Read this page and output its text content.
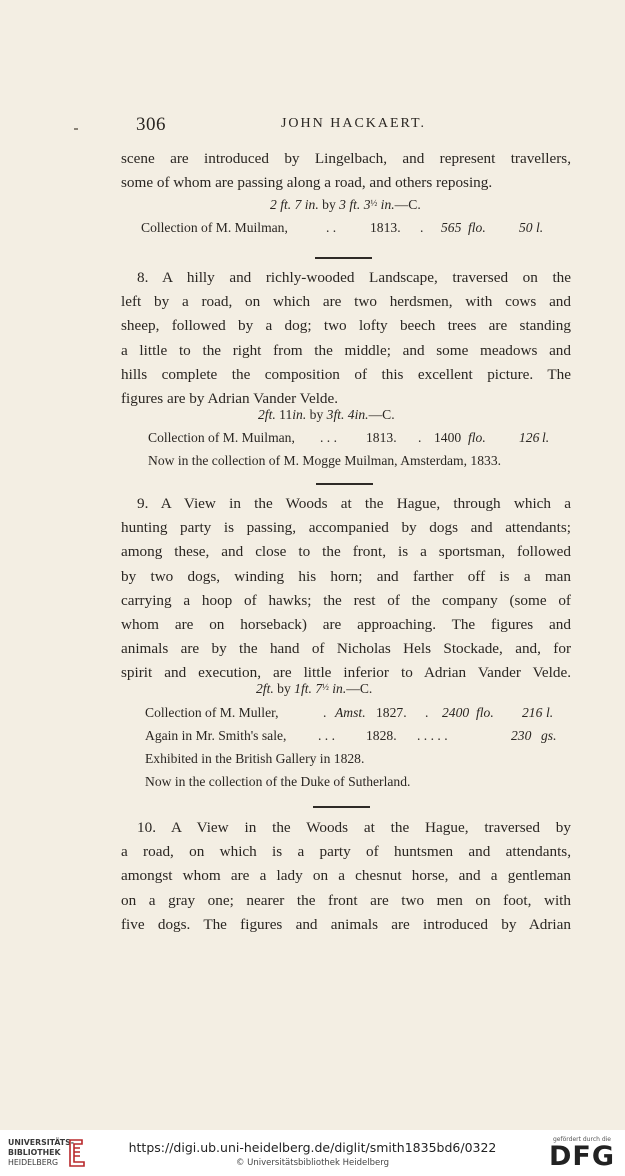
306	JOHN HACKAERT.
scene are introduced by Lingelbach, and represent travellers,
some of whom are passing along a road, and others reposing.
2 ft. 7 in. by 3 ft. $3^{\frac{1}{2}}$ in.—C.
Collection of M. Muilman,	. . 1813. . 565 flo. 50 l.
8. A hilly and richly-wooded Landscape, traversed on the
left by a road, on which are two herdsmen, with cows and
sheep, followed by a dog; two lofty beech trees are standing
a little to the right from the middle; and some meadows and
hills complete the composition of this excellent picture. The
figures are by Adrian Vander Velde.
2ft. 11in. by 3ft. 4in.—C.
Collection of M. Muilman, . . . 1813. . 1400 flo. 126 l.
Now in the collection of M. Mogge Muilman, Amsterdam, 1833.
9. A View in the Woods at the Hague, through which a
hunting party is passing, accompanied by dogs and attendants;
among these, and close to the front, is a sportsman, followed
by two dogs, winding his horn; and farther off is a man
carrying a hoop of hawks; the rest of the company (some of
whom are on horseback) are approaching. The figures and
animals are by the hand of Nicholas Hels Stockade, and, for
spirit and execution, are little inferior to Adrian Vander Velde.
2ft. by 1ft. $7^{\frac{1}{2}}$ in.—C.
Collection of M. Muller,	. Amst. 1827. . 2400 flo. 216 l.
Again in Mr. Smith's sale, . . . 1828. . . . . .	230 gs.
Exhibited in the British Gallery in 1828.
Now in the collection of the Duke of Sutherland.
10. A View in the Woods at the Hague, traversed by
a road, on which is a party of huntsmen and attendants,
amongst whom are a lady on a chesnut horse, and a gentleman
on a gray one; nearer the front are two men on foot, with
five dogs. The figures and animals are introduced by Adrian
UNIVERSITÄTS-
BIBLIOTHEK
HEIDELBERG
https://digi.ub.uni-heidelberg.de/diglit/smith1835bd6/0322
© Universitätsbibliothek Heidelberg
gefördert durch die
DFG
